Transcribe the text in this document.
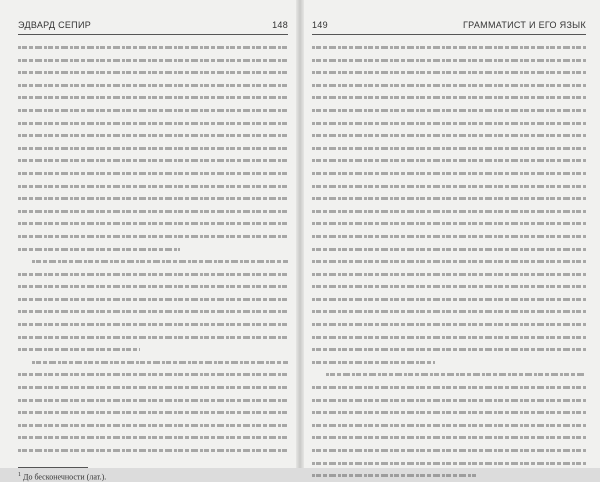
ЭДВАРД СЕПИР	148
$^1$ До бесконечности (лат.).
149	ГРАММАТИСТ И ЕГО ЯЗЫК
